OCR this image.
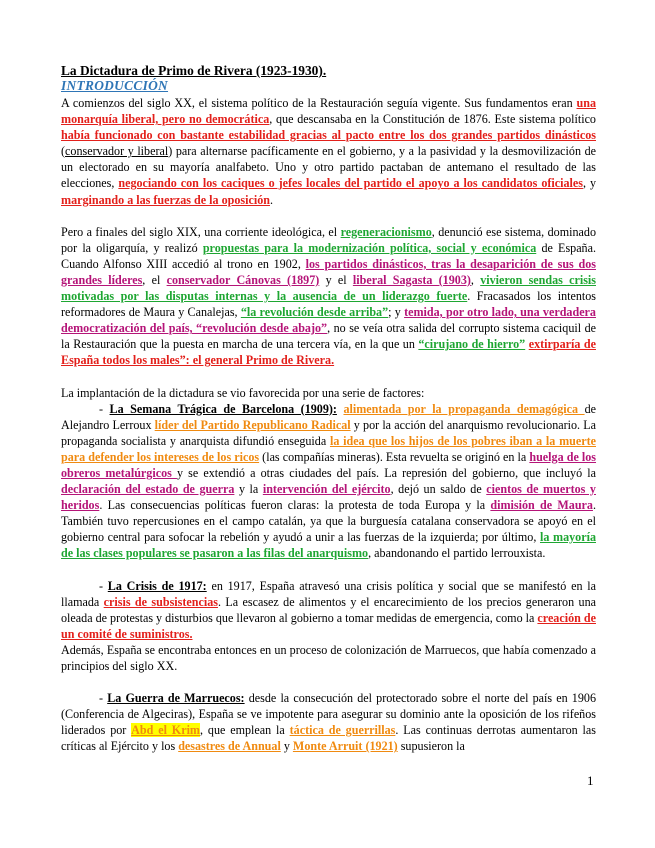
La Dictadura de Primo de Rivera (1923-1930).

INTRODUCCIÓN

A comienzos del siglo XX, el sistema político de la Restauración seguía vigente. Sus fundamentos eran una monarquía liberal, pero no democrática, que descansaba en la Constitución de 1876. Este sistema político había funcionado con bastante estabilidad gracias al pacto entre los dos grandes partidos dinásticos (conservador y liberal) para alternarse pacíficamente en el gobierno, y a la pasividad y la desmovilización de un electorado en su mayoría analfabeto. Uno y otro partido pactaban de antemano el resultado de las elecciones, negociando con los caciques o jefes locales del partido el apoyo a los candidatos oficiales, y marginando a las fuerzas de la oposición.

Pero a finales del siglo XIX, una corriente ideológica, el regeneracionismo, denunció ese sistema, dominado por la oligarquía, y realizó propuestas para la modernización política, social y económica de España. Cuando Alfonso XIII accedió al trono en 1902, los partidos dinásticos, tras la desaparición de sus dos grandes líderes, el conservador Cánovas (1897) y el liberal Sagasta (1903), vivieron sendas crisis motivadas por las disputas internas y la ausencia de un liderazgo fuerte. Fracasados los intentos reformadores de Maura y Canalejas, “la revolución desde arriba”; y temida, por otro lado, una verdadera democratización del país, “revolución desde abajo”, no se veía otra salida del corrupto sistema caciquil de la Restauración que la puesta en marcha de una tercera vía, en la que un “cirujano de hierro” extirparía de España todos los males”: el general Primo de Rivera.

La implantación de la dictadura se vio favorecida por una serie de factores:

- La Semana Trágica de Barcelona (1909): alimentada por la propaganda demagógica de Alejandro Lerroux líder del Partido Republicano Radical y por la acción del anarquismo revolucionario. La propaganda socialista y anarquista difundió enseguida la idea que los hijos de los pobres iban a la muerte para defender los intereses de los ricos (las compañías mineras). Esta revuelta se originó en la huelga de los obreros metalúrgicos y se extendió a otras ciudades del país. La represión del gobierno, que incluyó la declaración del estado de guerra y la intervención del ejército, dejó un saldo de cientos de muertos y heridos. Las consecuencias políticas fueron claras: la protesta de toda Europa y la dimisión de Maura. También tuvo repercusiones en el campo catalán, ya que la burguesía catalana conservadora se apoyó en el gobierno central para sofocar la rebelión y ayudó a unir a las fuerzas de la izquierda; por último, la mayoría de las clases populares se pasaron a las filas del anarquismo, abandonando el partido lerrouxista.

- La Crisis de 1917: en 1917, España atravesó una crisis política y social que se manifestó en la llamada crisis de subsistencias. La escasez de alimentos y el encarecimiento de los precios generaron una oleada de protestas y disturbios que llevaron al gobierno a tomar medidas de emergencia, como la creación de un comité de suministros.

Además, España se encontraba entonces en un proceso de colonización de Marruecos, que había comenzado a principios del siglo XX.

- La Guerra de Marruecos: desde la consecución del protectorado sobre el norte del país en 1906 (Conferencia de Algeciras), España se ve impotente para asegurar su dominio ante la oposición de los rifeños liderados por Abd el Krim, que emplean la táctica de guerrillas. Las continuas derrotas aumentaron las críticas al Ejército y los desastres de Annual y Monte Arruit (1921) supusieron la

1
